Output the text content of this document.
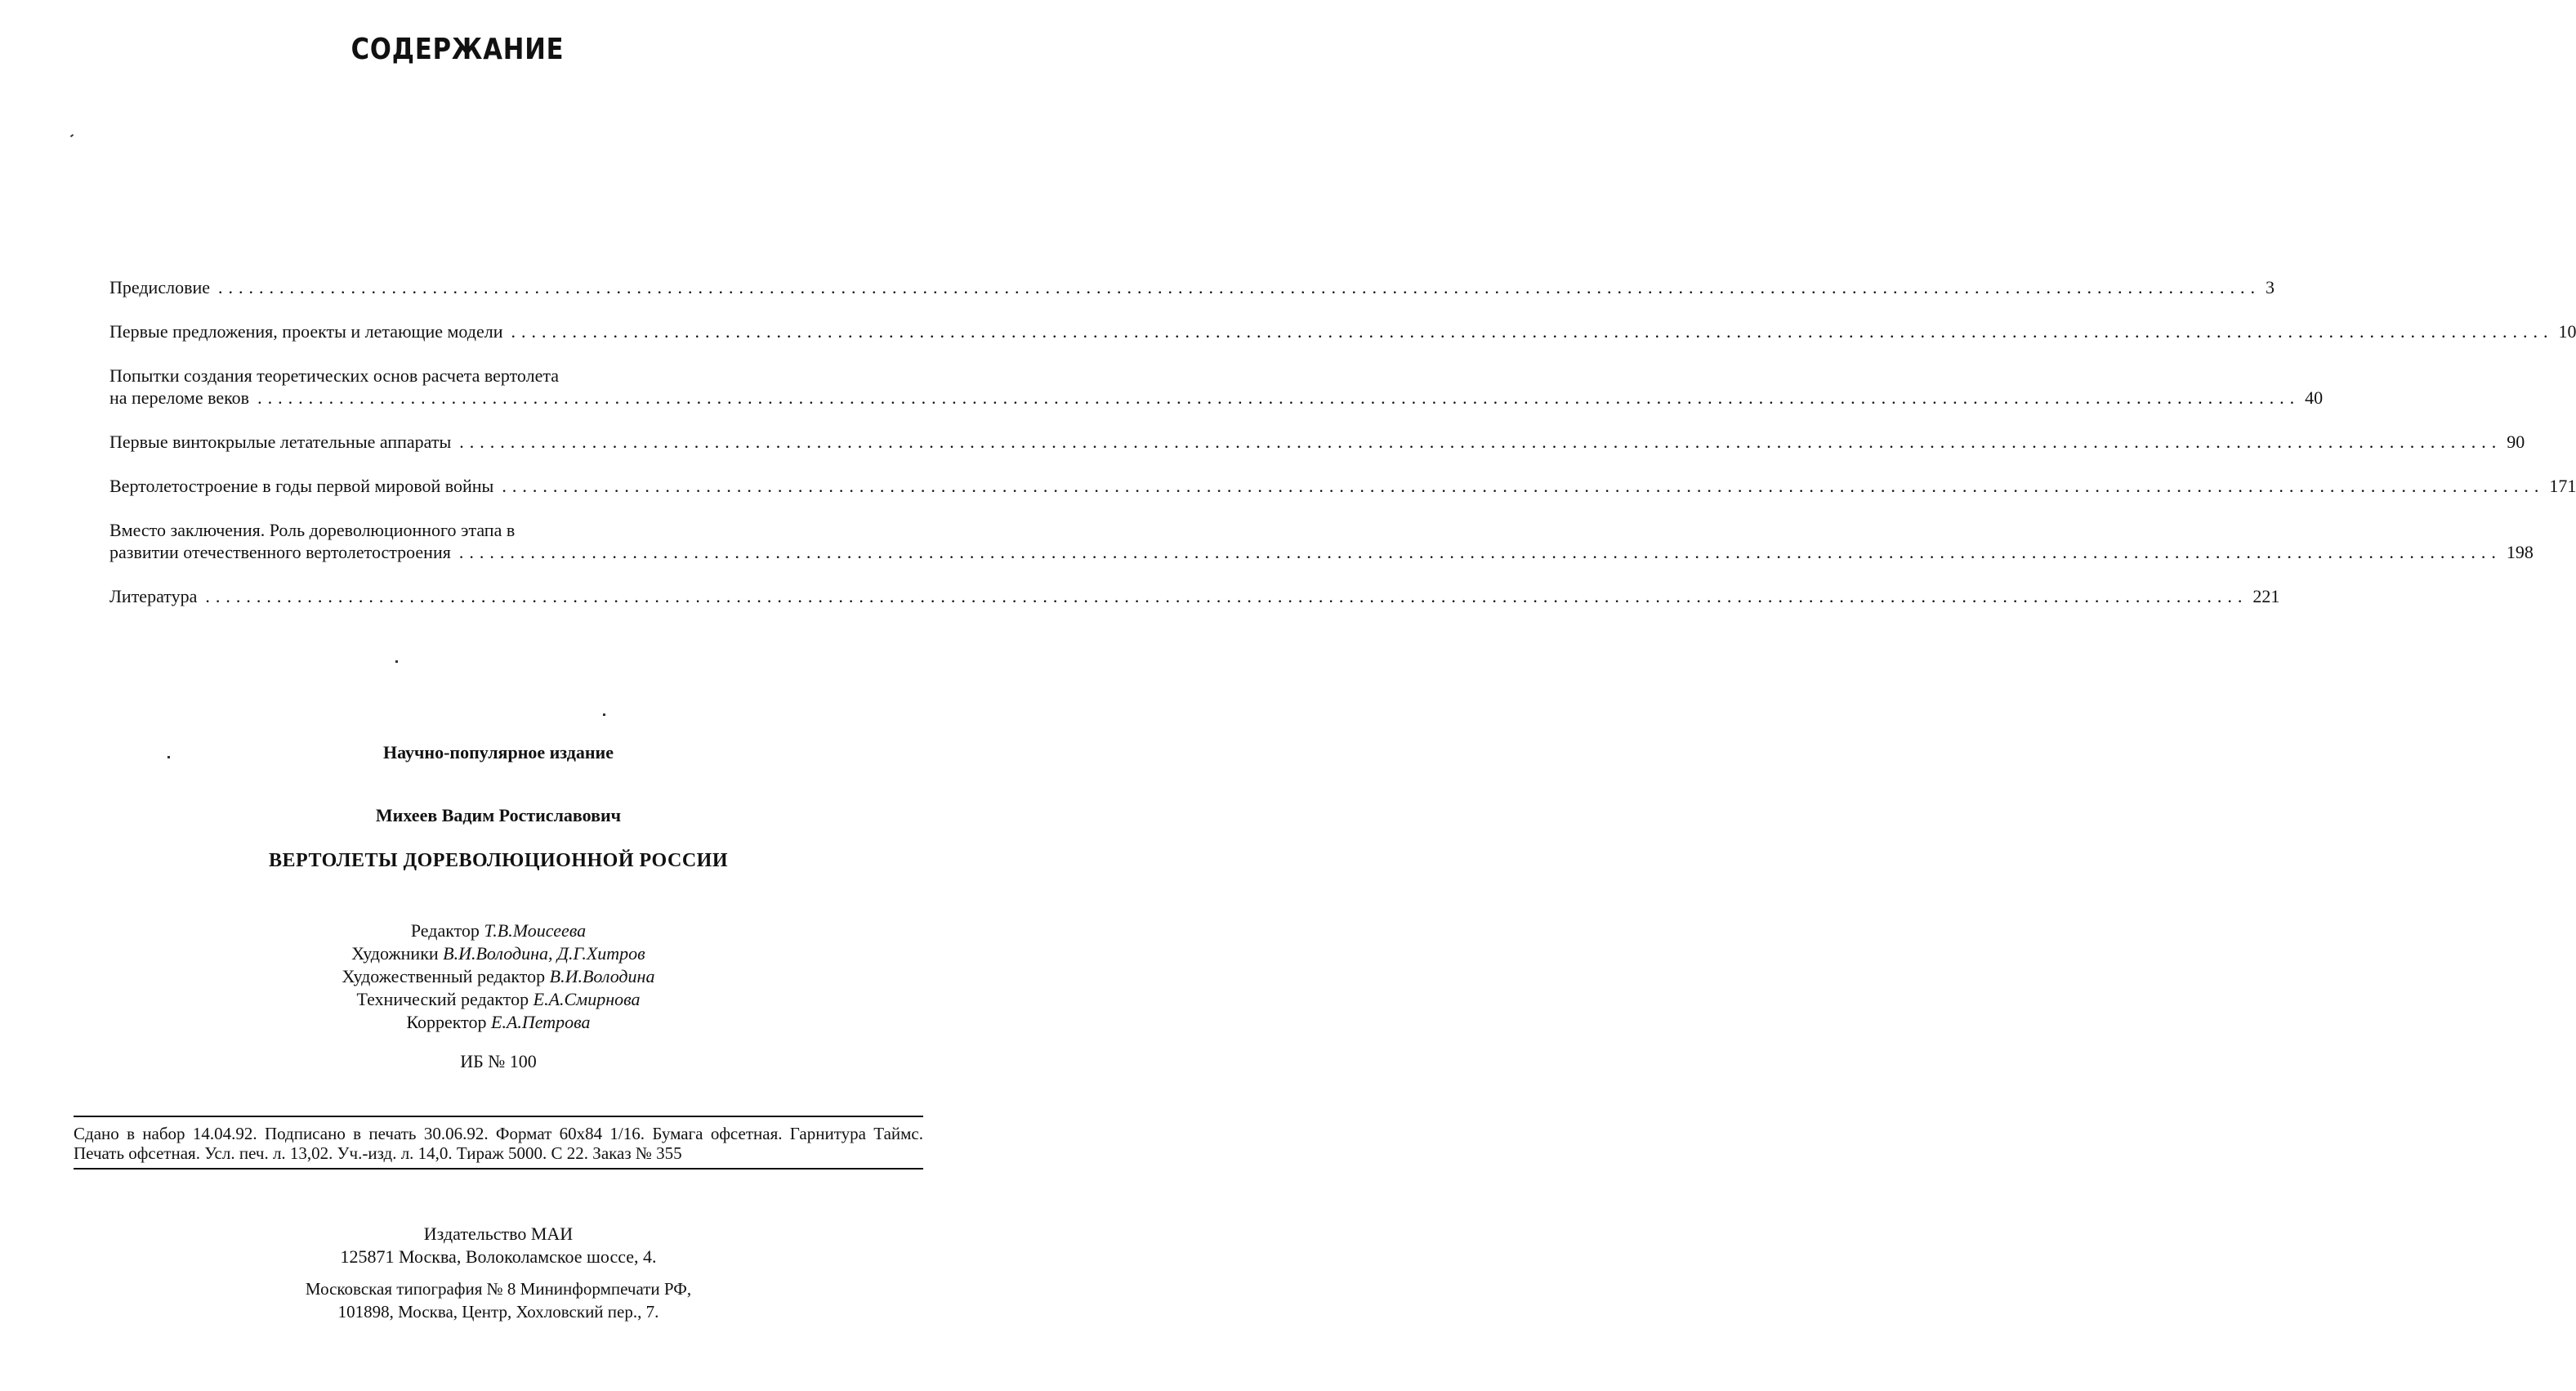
СОДЕРЖАНИЕ
Предисловие ........................................................................................................................................................................................................ 3
Первые предложения, проекты и летающие модели ........................................................................................................................................................................................................ 10
Попытки создания теоретических основ расчета вертолета
на переломе веков ........................................................................................................................................................................................................ 40
Первые винтокрылые летательные аппараты ........................................................................................................................................................................................................ 90
Вертолетостроение в годы первой мировой войны ........................................................................................................................................................................................................ 171
Вместо заключения. Роль дореволюционного этапа в
развитии отечественного вертолетостроения ........................................................................................................................................................................................................ 198
Литература ........................................................................................................................................................................................................ 221
Научно-популярное издание
Михеев Вадим Ростиславович
ВЕРТОЛЕТЫ ДОРЕВОЛЮЦИОННОЙ РОССИИ
Редактор Т.В.Моисеева
Художники В.И.Володина, Д.Г.Хитров
Художественный редактор В.И.Володина
Технический редактор Е.А.Смирнова
Корректор Е.А.Петрова
ИБ № 100
Сдано в набор 14.04.92. Подписано в печать 30.06.92. Формат 60x84 1/16. Бумага офсетная. Гарнитура Таймс. Печать офсетная. Усл. печ. л. 13,02. Уч.-изд. л. 14,0. Тираж 5000. С 22. Заказ № 355
Издательство МАИ
125871 Москва, Волоколамское шоссе, 4.
Московская типография № 8 Мининформпечати РФ,
101898, Москва, Центр, Хохловский пер., 7.
